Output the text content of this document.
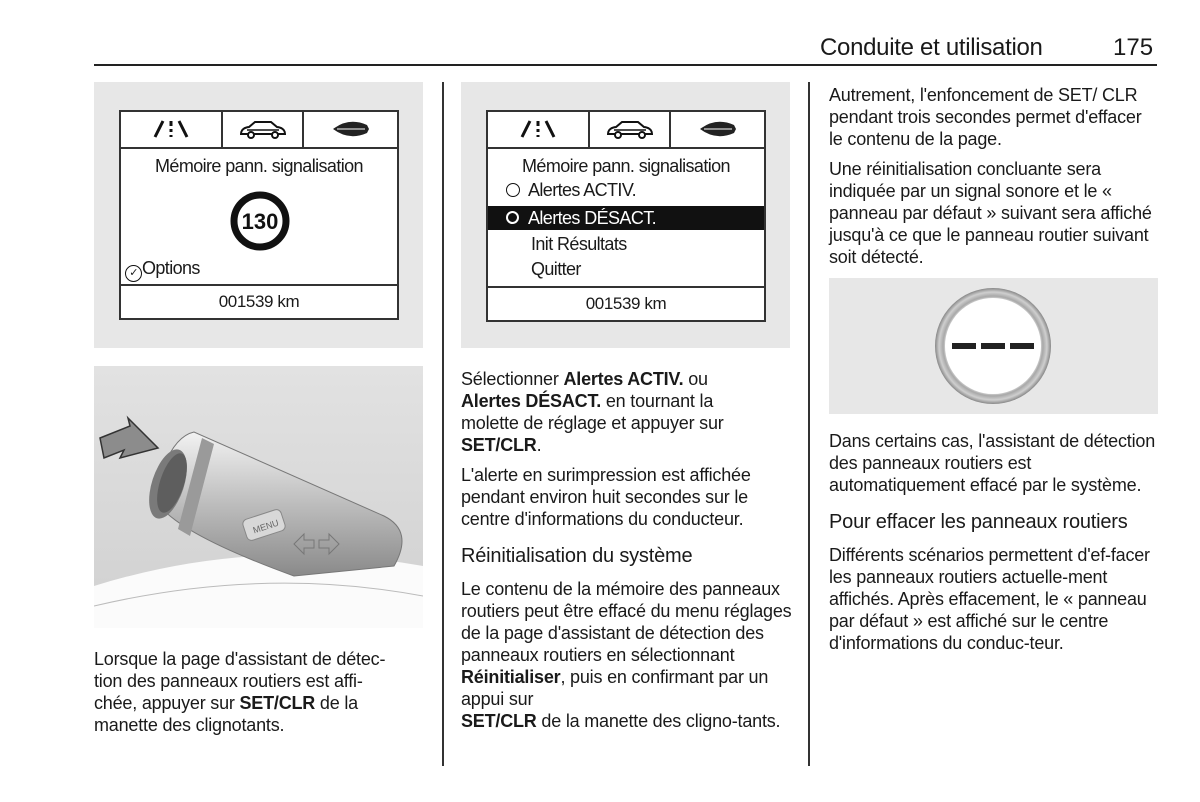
Conduite et utilisation	175
Mémoire pann. signalisation
130
✓ Options
001539 km
MENU
Lorsque la page d'assistant de détec-
tion des panneaux routiers est affi-
chée, appuyer sur SET/CLR de la
manette des clignotants.
Mémoire pann. signalisation
Alertes ACTIV.
Alertes DÉSACT.
Init Résultats
Quitter
001539 km

Sélectionner Alertes ACTIV. ou
Alertes DÉSACT. en tournant la
molette de réglage et appuyer sur
SET/CLR.

L'alerte en surimpression est affichée pendant environ huit secondes sur le centre d'informations du conducteur.

Réinitialisation du système

Le contenu de la mémoire des panneaux routiers peut être effacé du menu réglages de la page d'assistant de détection des panneaux routiers en sélectionnant Réinitialiser, puis en confirmant par un appui sur
SET/CLR de la manette des cligno-tants.

Autrement, l'enfoncement de SET/ CLR pendant trois secondes permet d'effacer le contenu de la page.

Une réinitialisation concluante sera indiquée par un signal sonore et le « panneau par défaut » suivant sera affiché jusqu'à ce que le panneau routier suivant soit détecté.

Dans certains cas, l'assistant de détection des panneaux routiers est automatiquement effacé par le système.

Pour effacer les panneaux routiers

Différents scénarios permettent d'ef-facer les panneaux routiers actuelle-ment affichés. Après effacement, le « panneau par défaut » est affiché sur le centre d'informations du conduc-teur.
